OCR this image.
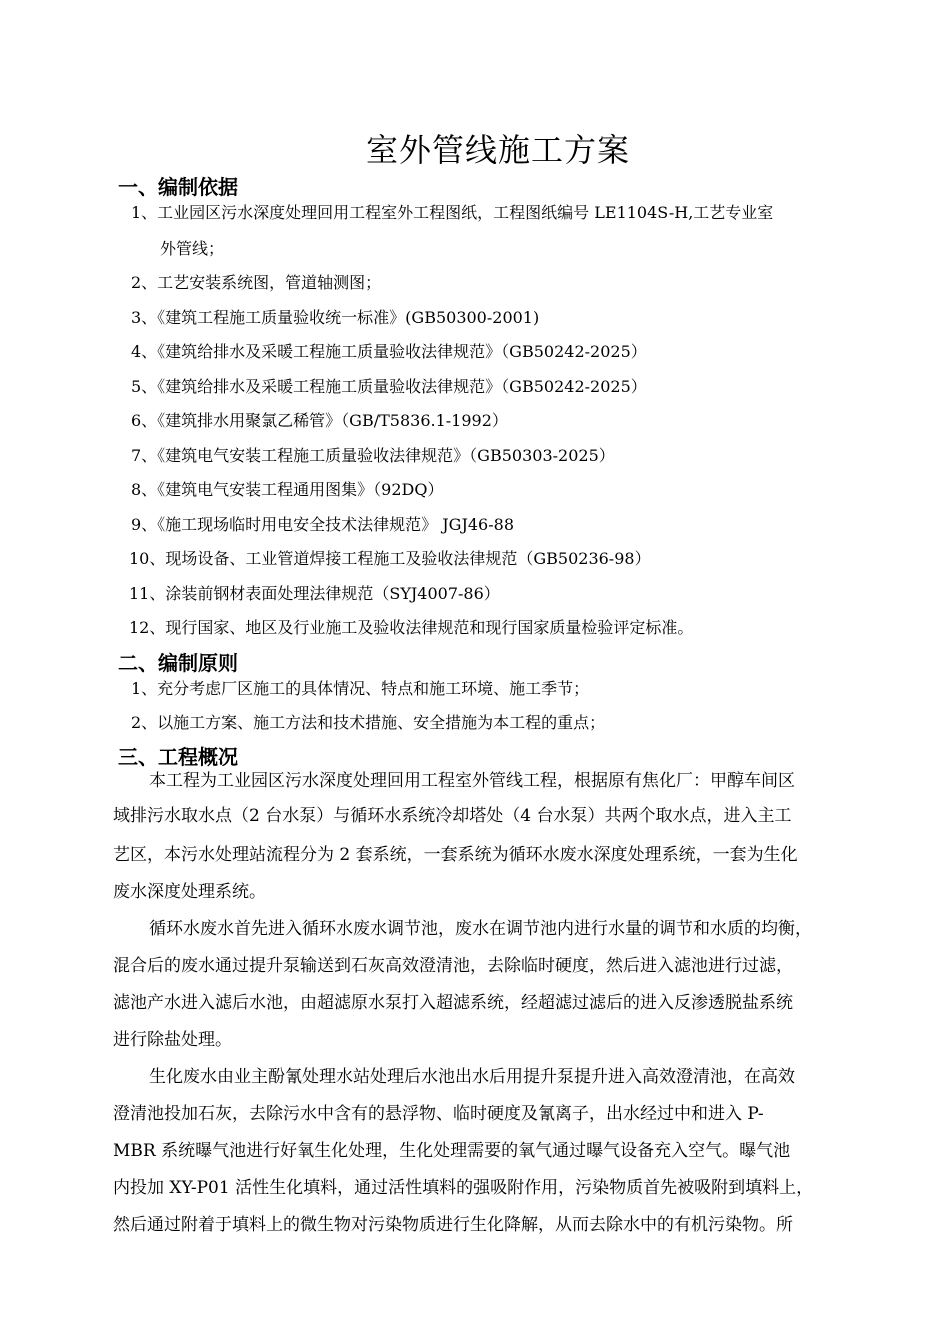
室外管线施工方案
一、编制依据
1、工业园区污水深度处理回用工程室外工程图纸，工程图纸编号 LE1104S-H,工艺专业室
外管线；
2、工艺安装系统图，管道轴测图；
3、《建筑工程施工质量验收统一标准》(GB50300-2001)
4、《建筑给排水及采暖工程施工质量验收法律规范》（GB50242-2025）
5、《建筑给排水及采暖工程施工质量验收法律规范》（GB50242-2025）
6、《建筑排水用聚氯乙稀管》（GB/T5836.1-1992）
7、《建筑电气安装工程施工质量验收法律规范》（GB50303-2025）
8、《建筑电气安装工程通用图集》（92DQ）
9、《施工现场临时用电安全技术法律规范》 JGJ46-88
10、现场设备、工业管道焊接工程施工及验收法律规范（GB50236-98）
11、涂装前钢材表面处理法律规范（SYJ4007-86）
12、现行国家、地区及行业施工及验收法律规范和现行国家质量检验评定标准。
二、编制原则
1、充分考虑厂区施工的具体情况、特点和施工环境、施工季节；
2、以施工方案、施工方法和技术措施、安全措施为本工程的重点；
三、工程概况
本工程为工业园区污水深度处理回用工程室外管线工程，根据原有焦化厂：甲醇车间区
域排污水取水点（2 台水泵）与循环水系统冷却塔处（4 台水泵）共两个取水点，进入主工
艺区，本污水处理站流程分为 2 套系统，一套系统为循环水废水深度处理系统，一套为生化
废水深度处理系统。
循环水废水首先进入循环水废水调节池，废水在调节池内进行水量的调节和水质的均衡，
混合后的废水通过提升泵输送到石灰高效澄清池，去除临时硬度，然后进入滤池进行过滤，
滤池产水进入滤后水池，由超滤原水泵打入超滤系统，经超滤过滤后的进入反渗透脱盐系统
进行除盐处理。
生化废水由业主酚氰处理水站处理后水池出水后用提升泵提升进入高效澄清池，在高效
澄清池投加石灰，去除污水中含有的悬浮物、临时硬度及氰离子，出水经过中和进入 P-
MBR 系统曝气池进行好氧生化处理，生化处理需要的氧气通过曝气设备充入空气。曝气池
内投加 XY-P01 活性生化填料，通过活性填料的强吸附作用，污染物质首先被吸附到填料上，
然后通过附着于填料上的微生物对污染物质进行生化降解，从而去除水中的有机污染物。所
